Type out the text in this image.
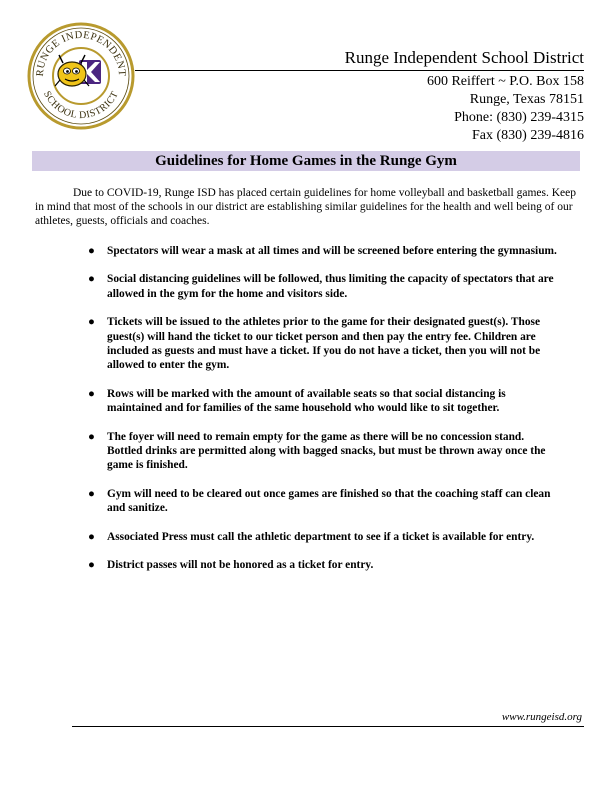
RUNGE INDEPENDENT
SCHOOL DISTRICT
Runge Independent School District
600 Reiffert ~ P.O. Box 158
Runge, Texas 78151
Phone: (830) 239-4315
Fax (830) 239-4816
Guidelines for Home Games in the Runge Gym

Due to COVID-19, Runge ISD has placed certain guidelines for home volleyball and basketball games. Keep in mind that most of the schools in our district are establishing similar guidelines for the health and well being of our athletes, guests, officials and coaches.

● Spectators will wear a mask at all times and will be screened before entering the gymnasium.
● Social distancing guidelines will be followed, thus limiting the capacity of spectators that are allowed in the gym for the home and visitors side.
● Tickets will be issued to the athletes prior to the game for their designated guest(s). Those guest(s) will hand the ticket to our ticket person and then pay the entry fee. Children are included as guests and must have a ticket. If you do not have a ticket, then you will not be allowed to enter the gym.
● Rows will be marked with the amount of available seats so that social distancing is maintained and for families of the same household who would like to sit together.
● The foyer will need to remain empty for the game as there will be no concession stand. Bottled drinks are permitted along with bagged snacks, but must be thrown away once the game is finished.
● Gym will need to be cleared out once games are finished so that the coaching staff can clean and sanitize.
● Associated Press must call the athletic department to see if a ticket is available for entry.
● District passes will not be honored as a ticket for entry.
www.rungeisd.org
